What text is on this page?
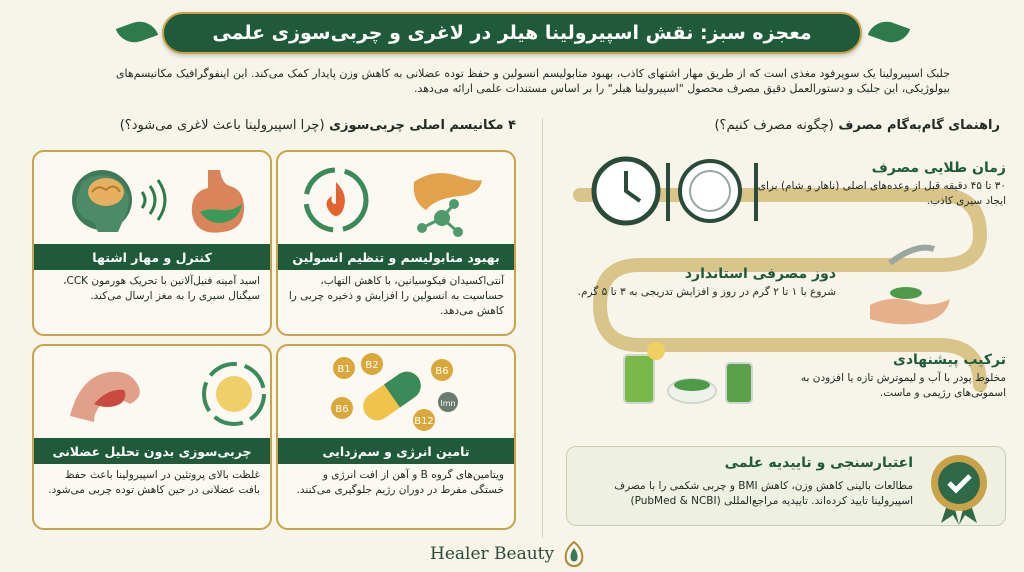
معجزه سبز: نقش اسپیرولینا هیلر در لاغری و چربی‌سوزی علمی

جلبک اسپیرولینا یک سوپرفود مغذی است که از طریق مهار اشتهای کاذب، بهبود متابولیسم انسولین و حفظ توده عضلانی به کاهش وزن پایدار کمک می‌کند. این اینفوگرافیک مکانیسم‌های بیولوژیکی، این جلبک و دستورالعمل دقیق مصرف محصول "اسپیرولینا هیلر" را بر اساس مستندات علمی ارائه می‌دهد.

۴ مکانیسم اصلی چربی‌سوزی (چرا اسپیرولینا باعث لاغری می‌شود؟)
کنترل و مهار اشتها

اسید آمینه فنیل‌آلانین با تحریک هورمون CCK، سیگنال سیری را به مغز ارسال می‌کند.

بهبود متابولیسم و تنظیم انسولین

آنتی‌اکسیدان فیکوسیانین، با کاهش التهاب، حساسیت به انسولین را افزایش و ذخیره چربی را کاهش می‌دهد.

چربی‌سوزی بدون تحلیل عضلانی

غلظت بالای پروتئین در اسپیرولینا باعث حفظ بافت عضلانی در حین کاهش توده چربی می‌شود.

B1 B2
B6
B12
Imn
B6
تامین انرژی و سم‌زدایی

ویتامین‌های گروه B و آهن از افت انرژی و خستگی مفرط در دوران رژیم جلوگیری می‌کنند.

راهنمای گام‌به‌گام مصرف (چگونه مصرف کنیم؟)
زمان طلایی مصرف
۳۰ تا ۴۵ دقیقه قبل از وعده‌های اصلی (ناهار و شام) برای ایجاد سیری کاذب.
دوز مصرفی استاندارد
شروع با ۱ تا ۲ گرم در روز و افزایش تدریجی به ۳ تا ۵ گرم.
ترکیب پیشنهادی
مخلوط پودر با آب و لیموترش تازه یا افزودن به اسموتی‌های رژیمی و ماست.
اعتبارسنجی و تاییدیه علمی
مطالعات بالینی کاهش وزن، کاهش BMI و چربی شکمی را با مصرف اسپیرولینا تایید کرده‌اند. تاییدیه مراجع‌المللی (PubMed & NCBI)
Healer Beauty
